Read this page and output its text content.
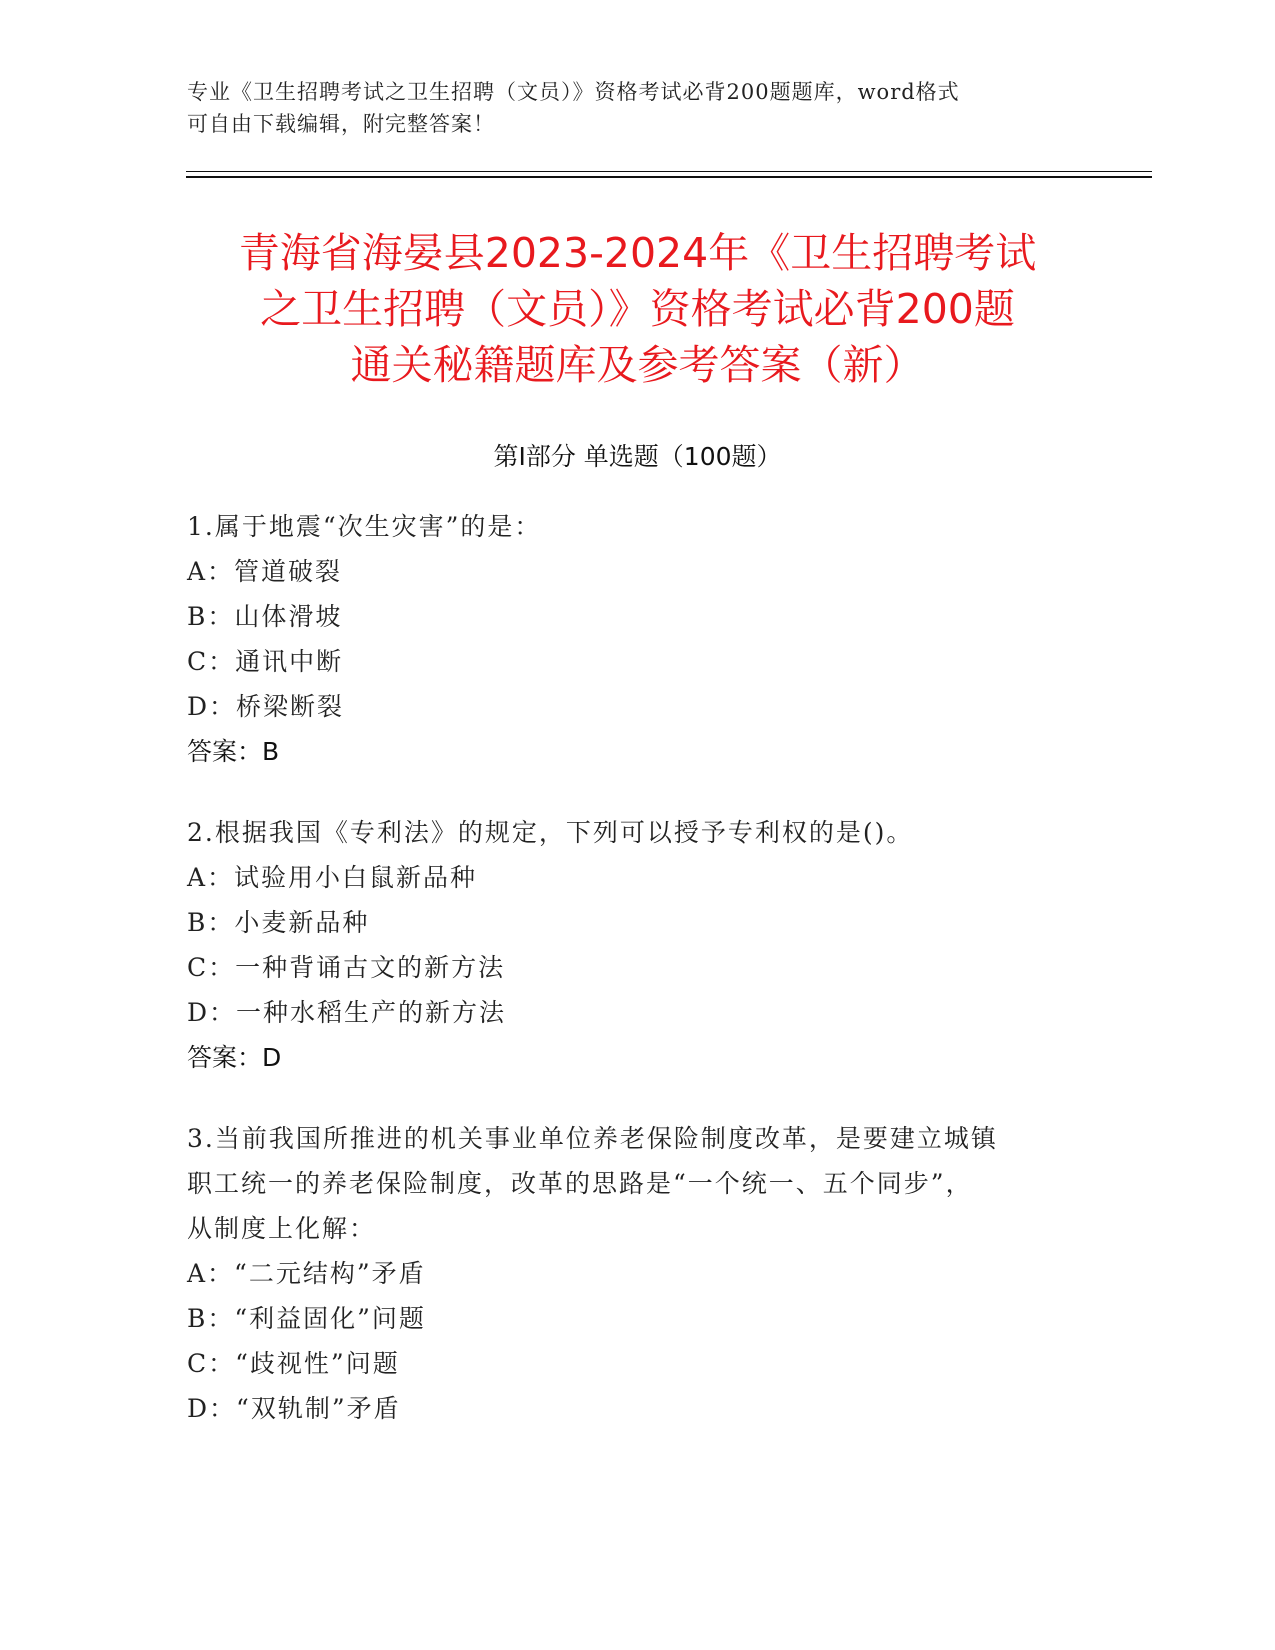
专业《卫生招聘考试之卫生招聘（文员）》资格考试必背200题题库，word格式
可自由下载编辑，附完整答案！
青海省海晏县2023-2024年《卫生招聘考试
之卫生招聘（文员）》资格考试必背200题
通关秘籍题库及参考答案（新）
第I部分 单选题（100题）
1.属于地震“次生灾害”的是：
A：管道破裂
B：山体滑坡
C：通讯中断
D：桥梁断裂
答案：B
2.根据我国《专利法》的规定，下列可以授予专利权的是()。
A：试验用小白鼠新品种
B：小麦新品种
C：一种背诵古文的新方法
D：一种水稻生产的新方法
答案：D
3.当前我国所推进的机关事业单位养老保险制度改革，是要建立城镇
职工统一的养老保险制度，改革的思路是“一个统一、五个同步”，
从制度上化解：
A：“二元结构”矛盾
B：“利益固化”问题
C：“歧视性”问题
D：“双轨制”矛盾
